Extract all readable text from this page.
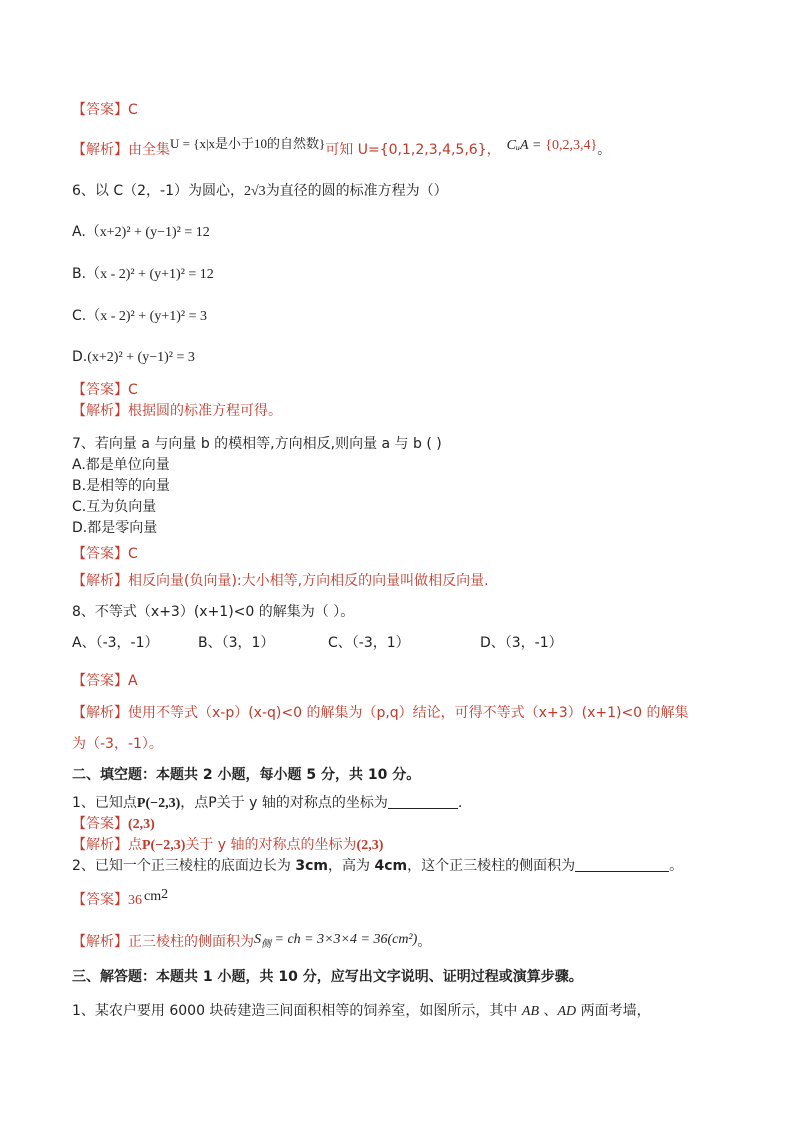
【答案】C
【解析】由全集U = {x|x是小于10的自然数}可知 U={0,1,2,3,4,5,6}， CᵤA = {0,2,3,4}。
6、以 C（2，-1）为圆心，2√3为直径的圆的标准方程为（）
A.（x+2)² + (y−1)² = 12
B.（x - 2)² + (y+1)² = 12
C.（x - 2)² + (y+1)² = 3
D.(x+2)² + (y−1)² = 3
【答案】C
【解析】根据圆的标准方程可得。
7、若向量 a 与向量 b 的模相等,方向相反,则向量 a 与 b ( )
A.都是单位向量
B.是相等的向量
C.互为负向量
D.都是零向量
【答案】C
【解析】相反向量(负向量):大小相等,方向相反的向量叫做相反向量.
8、不等式（x+3）(x+1)<0 的解集为（ ）。
A、（-3，-1）	B、（3，1）	C、（-3，1）	D、（3，-1）
【答案】A
【解析】使用不等式（x-p）(x-q)<0 的解集为（p,q）结论，可得不等式（x+3）(x+1)<0 的解集
为（-3，-1）。
二、填空题：本题共 2 小题，每小题 5 分，共 10 分。
1、已知点P(−2,3)，点P关于 y 轴的对称点的坐标为	.
【答案】(2,3)
【解析】点P(−2,3)关于 y 轴的对称点的坐标为(2,3)
2、已知一个正三棱柱的底面边长为 3cm，高为 4cm，这个正三棱柱的侧面积为	。
【答案】36 $cm^2$
【解析】正三棱柱的侧面积为$S_侧$ = ch = 3×3×4 = 36(cm²)。
三、解答题：本题共 1 小题，共 10 分，应写出文字说明、证明过程或演算步骤。
1、某农户要用 6000 块砖建造三间面积相等的饲养室，如图所示，其中 AB 、AD 两面考墙，
